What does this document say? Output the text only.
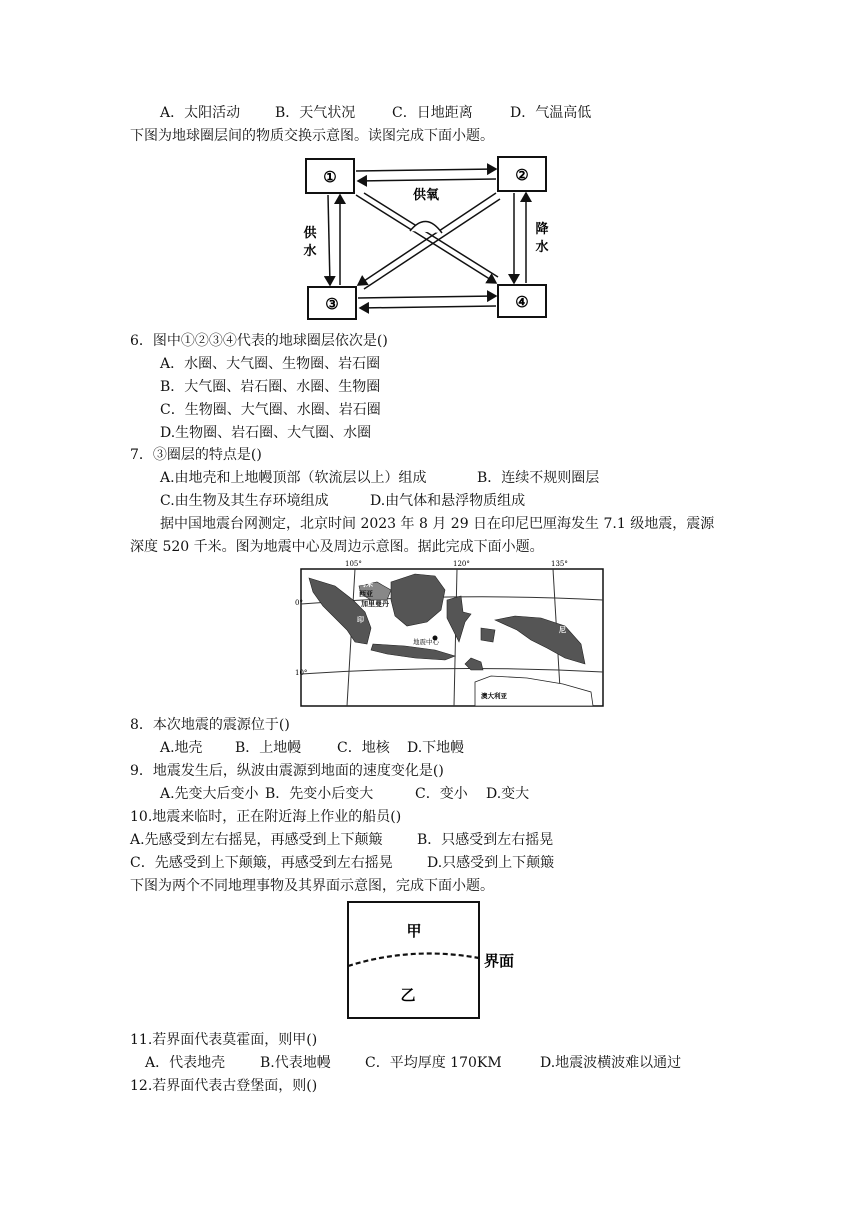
A．太阳活动 B．天气状况	C．日地距离	D．气温高低
下图为地球圈层间的物质交换示意图。读图完成下面小题。
①	②
③	④
供氧
供
水
降
水
6．图中①②③④代表的地球圈层依次是()
A．水圈、大气圈、生物圈、岩石圈
B．大气圈、岩石圈、水圈、生物圈
C．生物圈、大气圈、水圈、岩石圈
D.生物圈、岩石圈、大气圈、水圈
7．③圈层的特点是()
A.由地壳和上地幔顶部（软流层以上）组成	B．连续不规则圈层
C.由生物及其生存环境组成	D.由气体和悬浮物质组成
据中国地震台网测定，北京时间 2023 年 8 月 29 日在印尼巴厘海发生 7.1 级地震，震源
深度 520 千米。图为地震中心及周边示意图。据此完成下面小题。
105°	120°	135°
0°
10°
马来
西亚
加里曼丹
印
尼
地震中心
澳大利亚
8．本次地震的震源位于()
A.地壳 B．上地幔	C．地核 D.下地幔
9．地震发生后，纵波由震源到地面的速度变化是()
A.先变大后变小 B．先变小后变大	C．变小 D.变大
10.地震来临时，正在附近海上作业的船员()
A.先感受到左右摇晃，再感受到上下颠簸 B．只感受到左右摇晃
C．先感受到上下颠簸，再感受到左右摇晃 D.只感受到上下颠簸
下图为两个不同地理事物及其界面示意图，完成下面小题。
甲
乙
界面
11.若界面代表莫霍面，则甲()
A．代表地壳 B.代表地幔 C．平均厚度 170KM	D.地震波横波难以通过
12.若界面代表古登堡面，则()
